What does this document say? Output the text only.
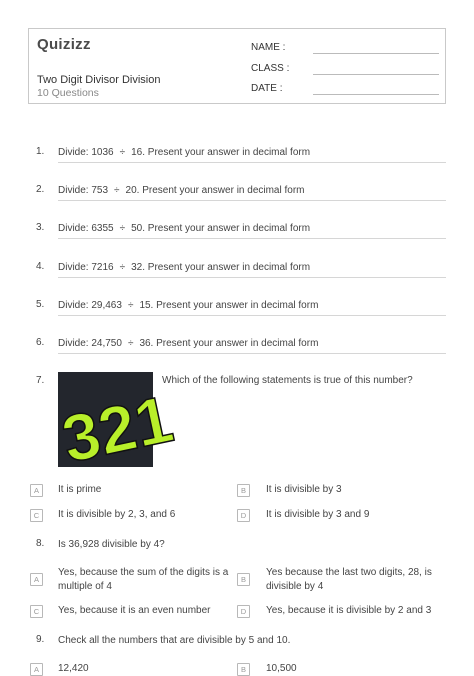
Quizizz
Two Digit Divisor Division
10 Questions
NAME :
CLASS :
DATE :
1. Divide: 1036 ÷ 16. Present your answer in decimal form
2. Divide: 753 ÷ 20. Present your answer in decimal form
3. Divide: 6355 ÷ 50. Present your answer in decimal form
4. Divide: 7216 ÷ 32. Present your answer in decimal form
5. Divide: 29,463 ÷ 15. Present your answer in decimal form
6. Divide: 24,750 ÷ 36. Present your answer in decimal form
7.
321
Which of the following statements is true of this number?
A	It is prime	B	It is divisible by 3
C	It is divisible by 2, 3, and 6	D	It is divisible by 3 and 9
8. Is 36,928 divisible by 4?
A
Yes, because the sum of the digits is a
multiple of 4
B
Yes because the last two digits, 28, is
divisible by 4
C	Yes, because it is an even number	D	Yes, because it is divisible by 2 and 3
9. Check all the numbers that are divisible by 5 and 10.
A	12,420	B	10,500
